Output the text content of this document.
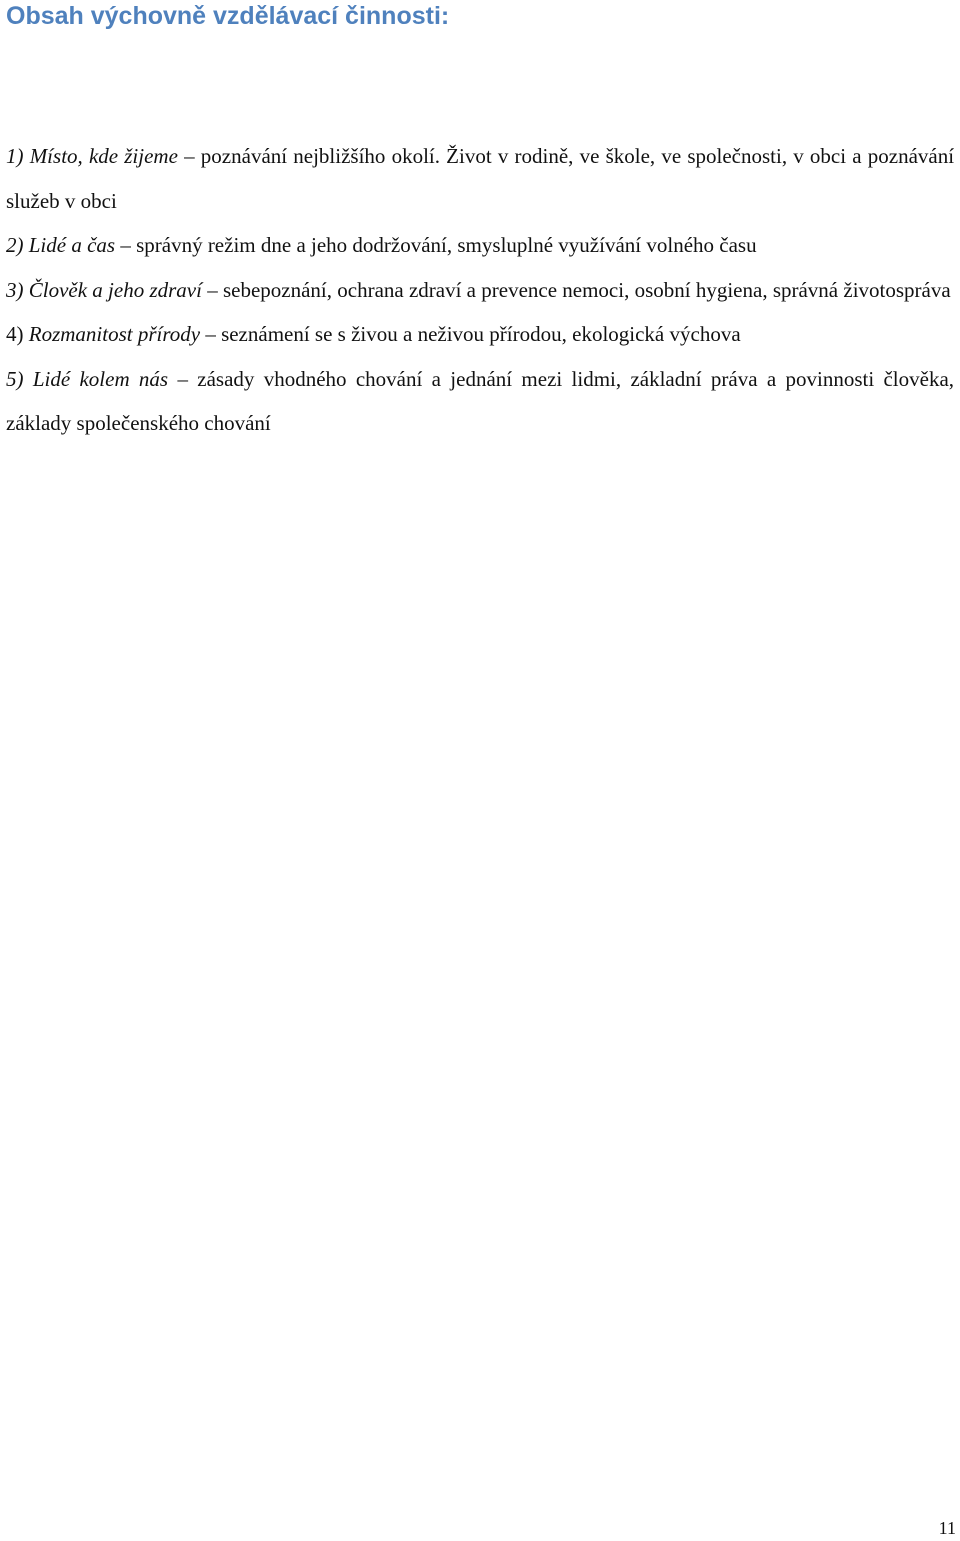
Obsah výchovně vzdělávací činnosti:

1) Místo, kde žijeme – poznávání nejbližšího okolí. Život v rodině, ve škole, ve společnosti, v obci a poznávání služeb v obci

2) Lidé a čas – správný režim dne a jeho dodržování, smysluplné využívání volného času

3) Člověk a jeho zdraví – sebepoznání, ochrana zdraví a prevence nemoci, osobní hygiena, správná životospráva

4) Rozmanitost přírody – seznámení se s živou a neživou přírodou, ekologická výchova

5) Lidé kolem nás – zásady vhodného chování a jednání mezi lidmi, základní práva a povinnosti člověka, základy společenského chování

11
